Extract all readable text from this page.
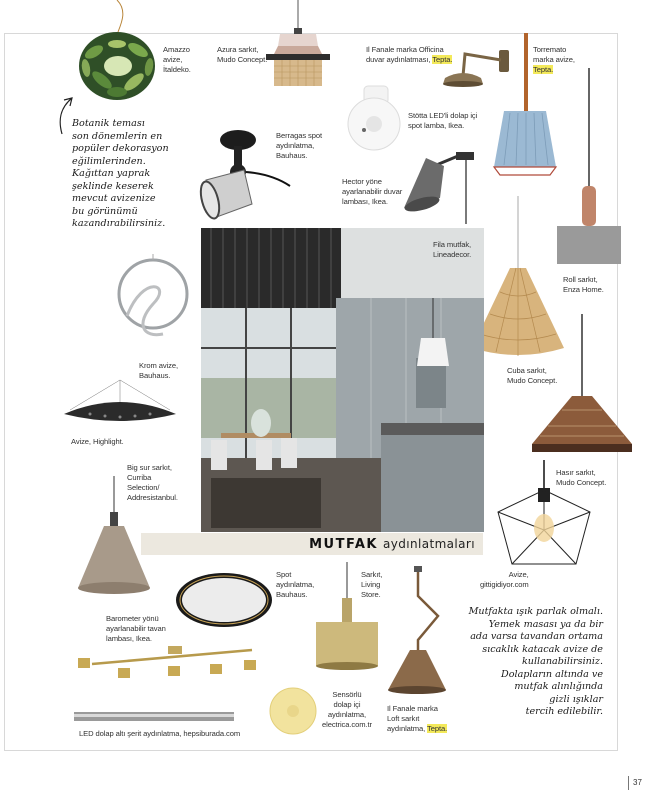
MUTFAK aydınlatmaları

Amazzo

avize,

İtaldeko.

Azura sarkıt,

Mudo Concept.

Il Fanale marka Officina

duvar aydınlatması, Tepta.

Torremato

marka avize,

Tepta.

Stötta LED'li dolap içi

spot lamba, Ikea.

Berragas spot

aydınlatma,

Bauhaus.

Hector yöne

ayarlanabilir duvar

lambası, Ikea.

Fila mutfak,

Lineadecor.

Roll sarkıt,

Enza Home.

Krom avize,

Bauhaus.

Cuba sarkıt,

Mudo Concept.

Avize, Highlight.

Hasır sarkıt,

Mudo Concept.

Big sur sarkıt,

Curriba

Selection/

Addresistanbul.

Spot

aydınlatma,

Bauhaus.

Sarkıt,

Living

Store.

Avize,

gittigidiyor.com

Barometer yönü

ayarlanabilir tavan

lambası, Ikea.

Sensörlü

dolap içi

aydınlatma,

electrica.com.tr

Il Fanale marka

Loft sarkıt

aydınlatma, Tepta.

LED dolap altı şerit aydınlatma, hepsiburada.com

Botanik teması

son dönemlerin en

popüler dekorasyon

eğilimlerinden.

Kağıttan yaprak

şeklinde keserek

mevcut avizenize

bu görünümü

kazandırabilirsiniz.

Mutfakta ışık parlak olmalı.

Yemek masası ya da bir

ada varsa tavandan ortama

sıcaklık katacak avize de

kullanabilirsiniz.

Dolapların altında ve

mutfak alınlığında

gizli ışıklar

tercih edilebilir.

37
